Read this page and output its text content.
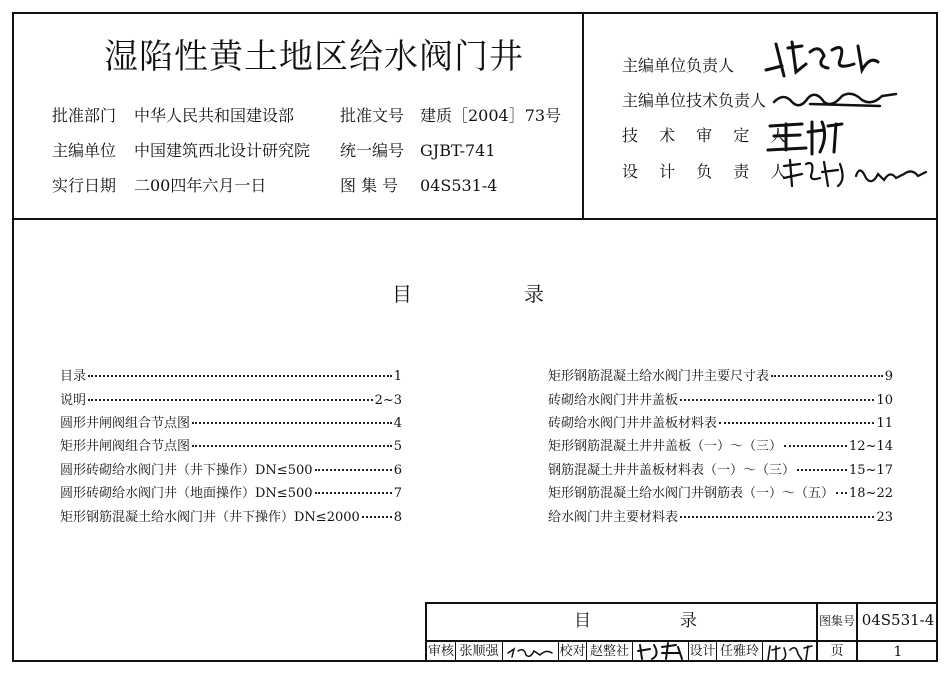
湿陷性黄土地区给水阀门井
批准部门 中华人民共和国建设部
主编单位 中国建筑西北设计研究院
实行日期 二00四年六月一日
批准文号 建质［2004］73号
统一编号 GJBT-741
图 集 号 04S531-4
主编单位负责人
主编单位技术负责人
技 术 审 定 人
设 计 负 责 人
目	录
目录	1
说明	2~3
圆形井闸阀组合节点图	4
矩形井闸阀组合节点图	5
圆形砖砌给水阀门井（井下操作）DN≤500	6
圆形砖砌给水阀门井（地面操作）DN≤500	7
矩形钢筋混凝土给水阀门井（井下操作）DN≤2000	8
矩形钢筋混凝土给水阀门井主要尺寸表	9
砖砌给水阀门井井盖板	10
砖砌给水阀门井井盖板材料表	11
矩形钢筋混凝土井井盖板（一）～（三）	12~14
钢筋混凝土井井盖板材料表（一）～（三）	15~17
矩形钢筋混凝土给水阀门井钢筋表（一）～（五） 18~22
给水阀门井主要材料表	23
目	录	图集号 04S531-4
审核 张顺强	校对 赵整社	设计 任雅玲	页	1
